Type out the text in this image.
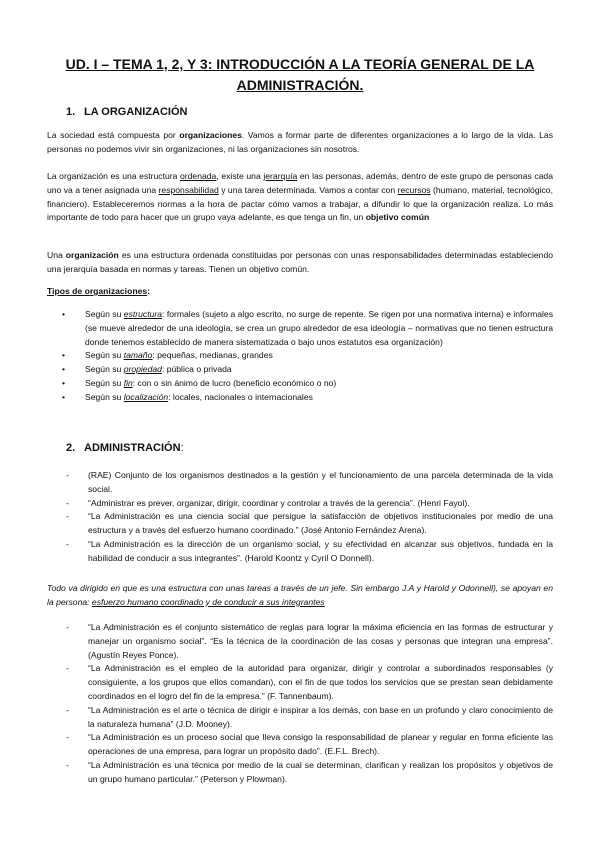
UD. I – TEMA 1, 2, Y 3: INTRODUCCIÓN A LA TEORÍA GENERAL DE LA
ADMINISTRACIÓN.
1. LA ORGANIZACIÓN
La sociedad está compuesta por organizaciones. Vamos a formar parte de diferentes organizaciones a lo largo de la vida. Las personas no podemos vivir sin organizaciones, ni las organizaciones sin nosotros.
La organización es una estructura ordenada, existe una jerarquía en las personas, además, dentro de este grupo de personas cada uno va a tener asignada una responsabilidad y una tarea determinada. Vamos a contar con recursos (humano, material, tecnológico, financiero). Estableceremos normas a la hora de pactar cómo vamos a trabajar, a difundir lo que la organización realiza. Lo más importante de todo para hacer que un grupo vaya adelante, es que tenga un fin, un objetivo común
Una organización es una estructura ordenada constituidas por personas con unas responsabilidades determinadas estableciendo una jerarquía basada en normas y tareas. Tienen un objetivo común.
Tipos de organizaciones:
• Según su estructura: formales (sujeto a algo escrito, no surge de repente. Se rigen por una normativa interna) e informales (se mueve alrededor de una ideología, se crea un grupo alrededor de esa ideología – normativas que no tienen estructura donde tenemos establecido de manera sistematizada o bajo unos estatutos esa organización)
• Según su tamaño: pequeñas, medianas, grandes
• Según su propiedad: pública o privada
• Según su fin: con o sin ánimo de lucro (beneficio económico o no)
• Según su localización: locales, nacionales o internacionales
2. ADMINISTRACIÓN:
- (RAE) Conjunto de los organismos destinados a la gestión y el funcionamiento de una parcela determinada de la vida social.
- “Administrar es prever, organizar, dirigir, coordinar y controlar a través de la gerencia”. (Henri Fayol).
- “La Administración es una ciencia social que persigue la satisfacción de objetivos institucionales por medio de una estructura y a través del esfuerzo humano coordinado.” (José Antonio Fernández Arena).
- “La Administración es la dirección de un organismo social, y su efectividad en alcanzar sus objetivos, fundada en la habilidad de conducir a sus integrantes”. (Harold Koontz y Cyril O Donnell).
Todo va dirigido en que es una estructura con unas tareas a través de un jefe. Sin embargo J.A y Harold y Odonnell), se apoyan en la persona: esfuerzo humano coordinado y de conducir a sus integrantes
- “La Administración es el conjunto sistemático de reglas para lograr la máxima eficiencia en las formas de estructurar y manejar un organismo social”. “Es la técnica de la coordinación de las cosas y personas que integran una empresa”. (Agustín Reyes Ponce).
- “La Administración es el empleo de la autoridad para organizar, dirigir y controlar a subordinados responsables (y consiguiente, a los grupos que ellos comandan), con el fin de que todos los servicios que se prestan sean debidamente coordinados en el logro del fin de la empresa.” (F. Tannenbaum).
- “La Administración es el arte o técnica de dirigir e inspirar a los demás, con base en un profundo y claro conocimiento de la naturaleza humana” (J.D. Mooney).
- “La Administración es un proceso social que lleva consigo la responsabilidad de planear y regular en forma eficiente las operaciones de una empresa, para lograr un propósito dado”. (E.F.L. Brech).
- “La Administración es una técnica por medio de la cual se determinan, clarifican y realizan los propósitos y objetivos de un grupo humano particular.” (Peterson y Plowman).
